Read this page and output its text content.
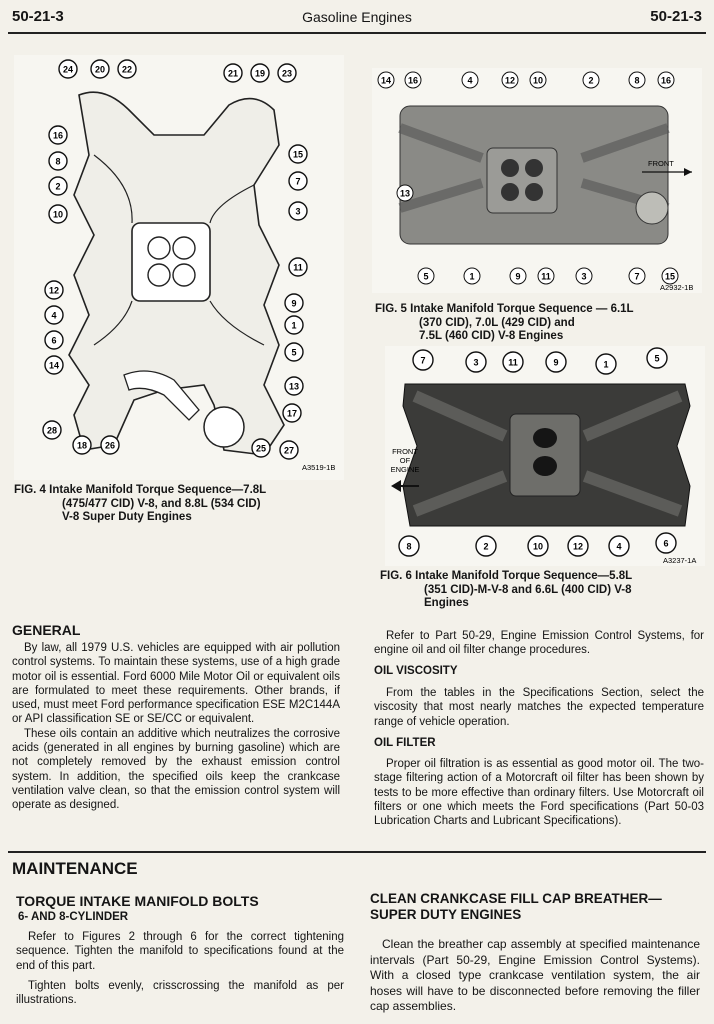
50-21-3	Gasoline Engines	50-21-3
24 20 22	21 19 23
16
8
2
10
12
4
6
14
28
18 26
15
7
3
11
9
1
5
13
17
25 27
A3519-1B
FIG. 4 Intake Manifold Torque Sequence—7.8L
(475/477 CID) V-8, and 8.8L (534 CID)
V-8 Super Duty Engines
FRONT
14 16	4	12 10	2	8 16
13
5	1	9 11	3	7	15
A2932-1B
FIG. 5 Intake Manifold Torque Sequence — 6.1L
(370 CID), 7.0L (429 CID) and
7.5L (460 CID) V-8 Engines
FRONT
OF
ENGINE
7	3	11	9	1
5
8	2	10	12	4	6
A3237-1A
FIG. 6 Intake Manifold Torque Sequence—5.8L
(351 CID)-M-V-8 and 6.6L (400 CID) V-8
Engines
GENERAL

By law, all 1979 U.S. vehicles are equipped with air pollution control systems. To maintain these systems, use of a high grade motor oil is essential. Ford 6000 Mile Motor Oil or equivalent oils are formulated to meet these requirements. Other brands, if used, must meet Ford performance specification ESE M2C144A or API classification SE or SE/CC or equivalent.

These oils contain an additive which neutralizes the corrosive acids (generated in all engines by burning gasoline) which are not completely removed by the exhaust emission control system. In addition, the specified oils keep the crankcase ventilation valve clean, so that the emission control system will operate as designed.

Refer to Part 50-29, Engine Emission Control Systems, for engine oil and oil filter change procedures.

OIL VISCOSITY

From the tables in the Specifications Section, select the viscosity that most nearly matches the expected temperature range of vehicle operation.

OIL FILTER

Proper oil filtration is as essential as good motor oil. The two-stage filtering action of a Motorcraft oil filter has been shown by tests to be more effective than ordinary filters. Use Motorcraft oil filters or one which meets the Ford specifications (Part 50-03 Lubrication Charts and Lubricant Specifications).

MAINTENANCE
TORQUE INTAKE MANIFOLD BOLTS
6- AND 8-CYLINDER

Refer to Figures 2 through 6 for the correct tightening sequence. Tighten the manifold to specifications found at the end of this part.

Tighten bolts evenly, crisscrossing the manifold as per illustrations.

CLEAN CRANKCASE FILL CAP BREATHER— SUPER DUTY ENGINES

Clean the breather cap assembly at specified maintenance intervals (Part 50-29, Engine Emission Control Systems). With a closed type crankcase ventilation system, the air hoses will have to be disconnected before removing the filler cap assemblies.
